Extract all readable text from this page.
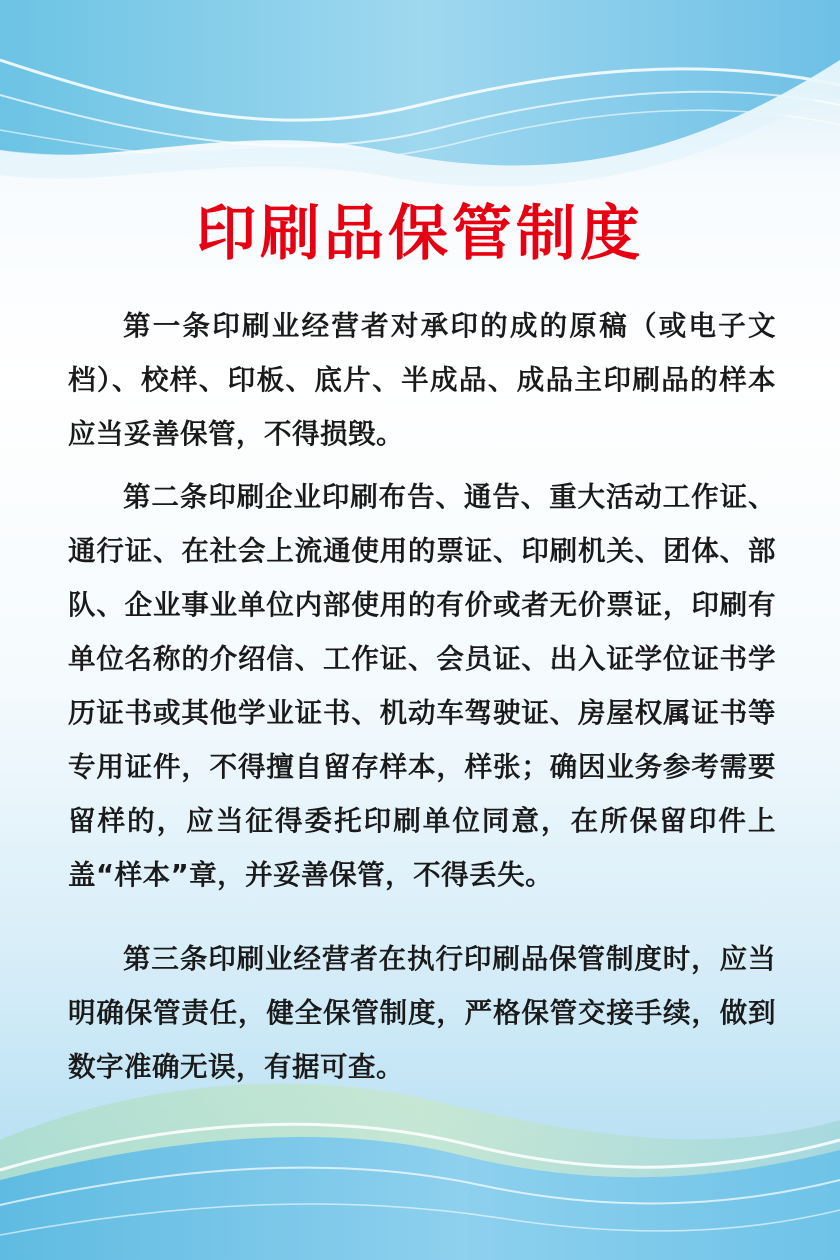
印刷品保管制度

第一条印刷业经营者对承印的成的原稿（或电子文档）、校样、印板、底片、半成品、成品主印刷品的样本应当妥善保管，不得损毁。

第二条印刷企业印刷布告、通告、重大活动工作证、通行证、在社会上流通使用的票证、印刷机关、团体、部队、企业事业单位内部使用的有价或者无价票证，印刷有单位名称的介绍信、工作证、会员证、出入证学位证书学历证书或其他学业证书、机动车驾驶证、房屋权属证书等专用证件，不得擅自留存样本，样张；确因业务参考需要留样的，应当征得委托印刷单位同意，在所保留印件上盖“样本”章，并妥善保管，不得丢失。

第三条印刷业经营者在执行印刷品保管制度时，应当明确保管责任，健全保管制度，严格保管交接手续，做到数字准确无误，有据可查。
